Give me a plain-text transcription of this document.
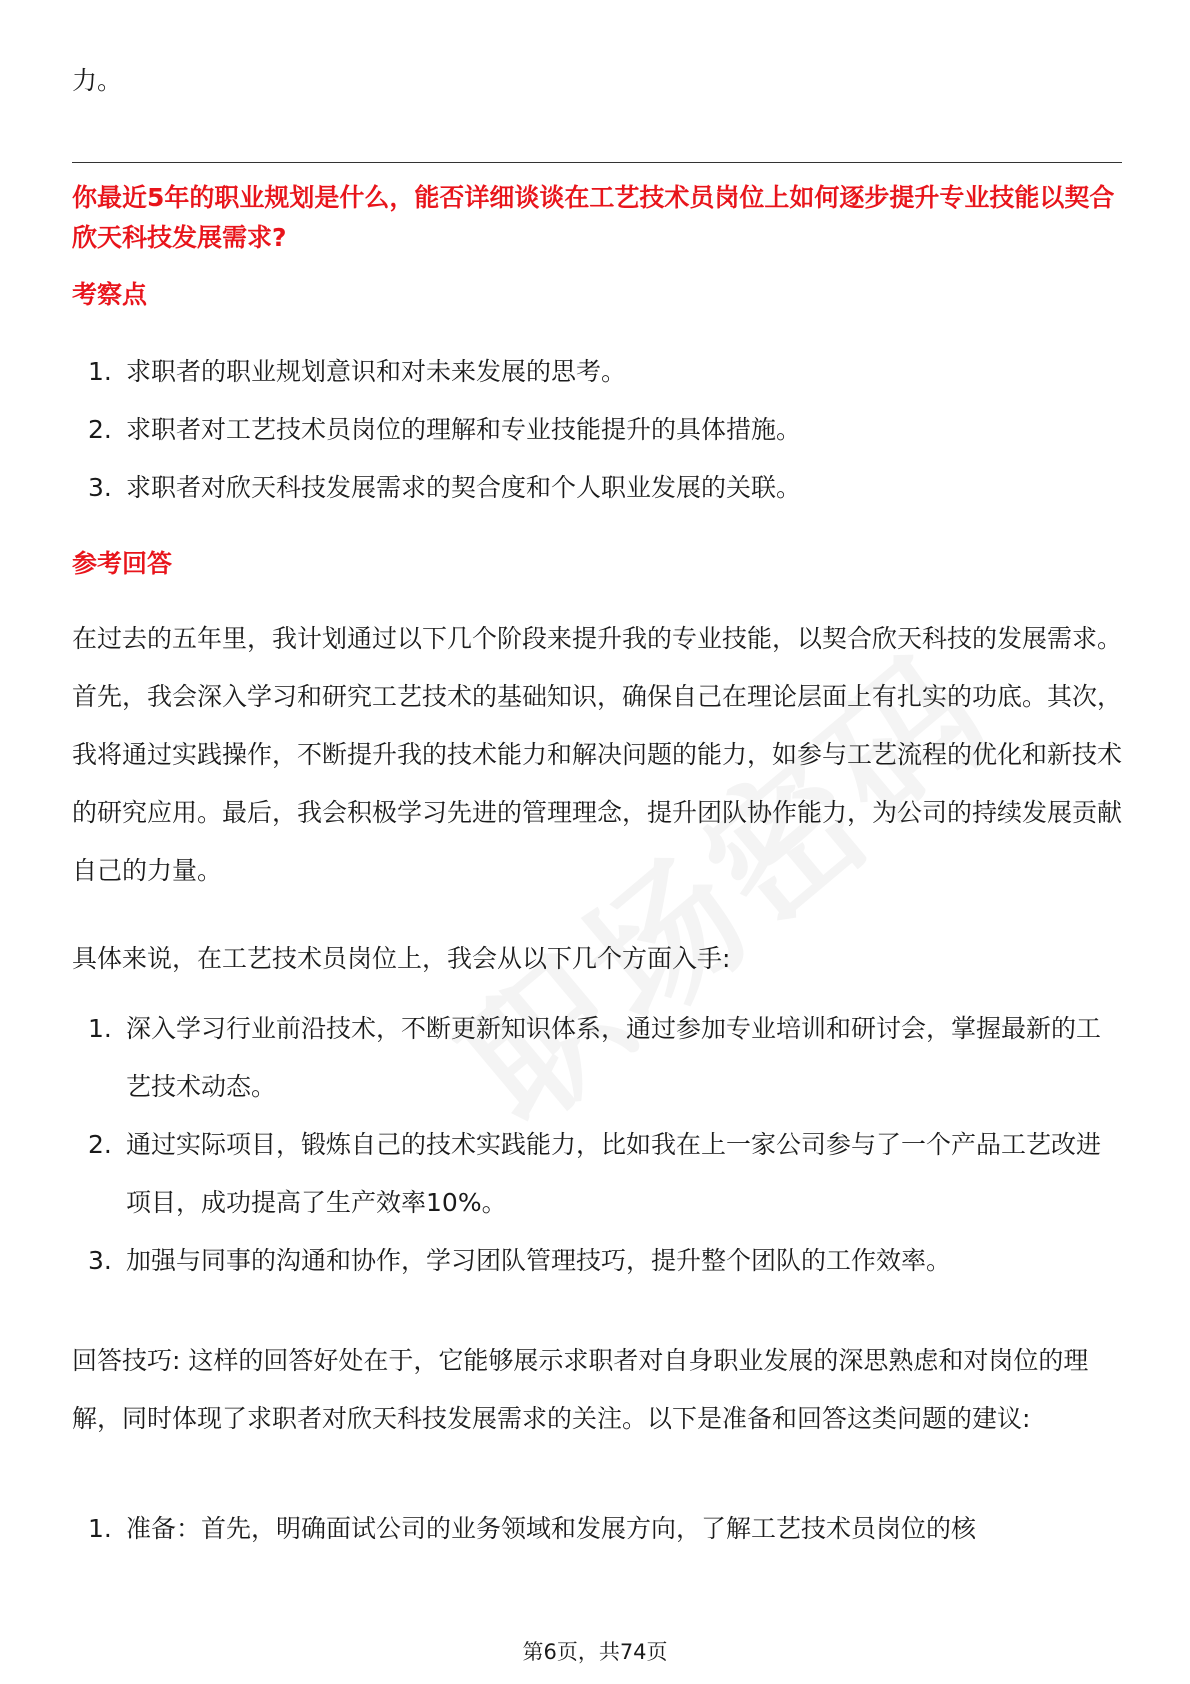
力。

你最近5年的职业规划是什么，能否详细谈谈在工艺技术员岗位上如何逐步提升专业技能以契合欣天科技发展需求?

考察点
1. 求职者的职业规划意识和对未来发展的思考。
2. 求职者对工艺技术员岗位的理解和专业技能提升的具体措施。
3. 求职者对欣天科技发展需求的契合度和个人职业发展的关联。
参考回答

在过去的五年里，我计划通过以下几个阶段来提升我的专业技能，以契合欣天科技的发展需求。首先，我会深入学习和研究工艺技术的基础知识，确保自己在理论层面上有扎实的功底。其次，我将通过实践操作，不断提升我的技术能力和解决问题的能力，如参与工艺流程的优化和新技术的研究应用。最后，我会积极学习先进的管理理念，提升团队协作能力，为公司的持续发展贡献自己的力量。

具体来说，在工艺技术员岗位上，我会从以下几个方面入手:

1. 深入学习行业前沿技术，不断更新知识体系，通过参加专业培训和研讨会，掌握最新的工艺技术动态。
2. 通过实际项目，锻炼自己的技术实践能力，比如我在上一家公司参与了一个产品工艺改进项目，成功提高了生产效率10%。
3. 加强与同事的沟通和协作，学习团队管理技巧，提升整个团队的工作效率。

回答技巧: 这样的回答好处在于，它能够展示求职者对自身职业发展的深思熟虑和对岗位的理解，同时体现了求职者对欣天科技发展需求的关注。以下是准备和回答这类问题的建议:

1. 准备：首先，明确面试公司的业务领域和发展方向，了解工艺技术员岗位的核
第6页，共74页
